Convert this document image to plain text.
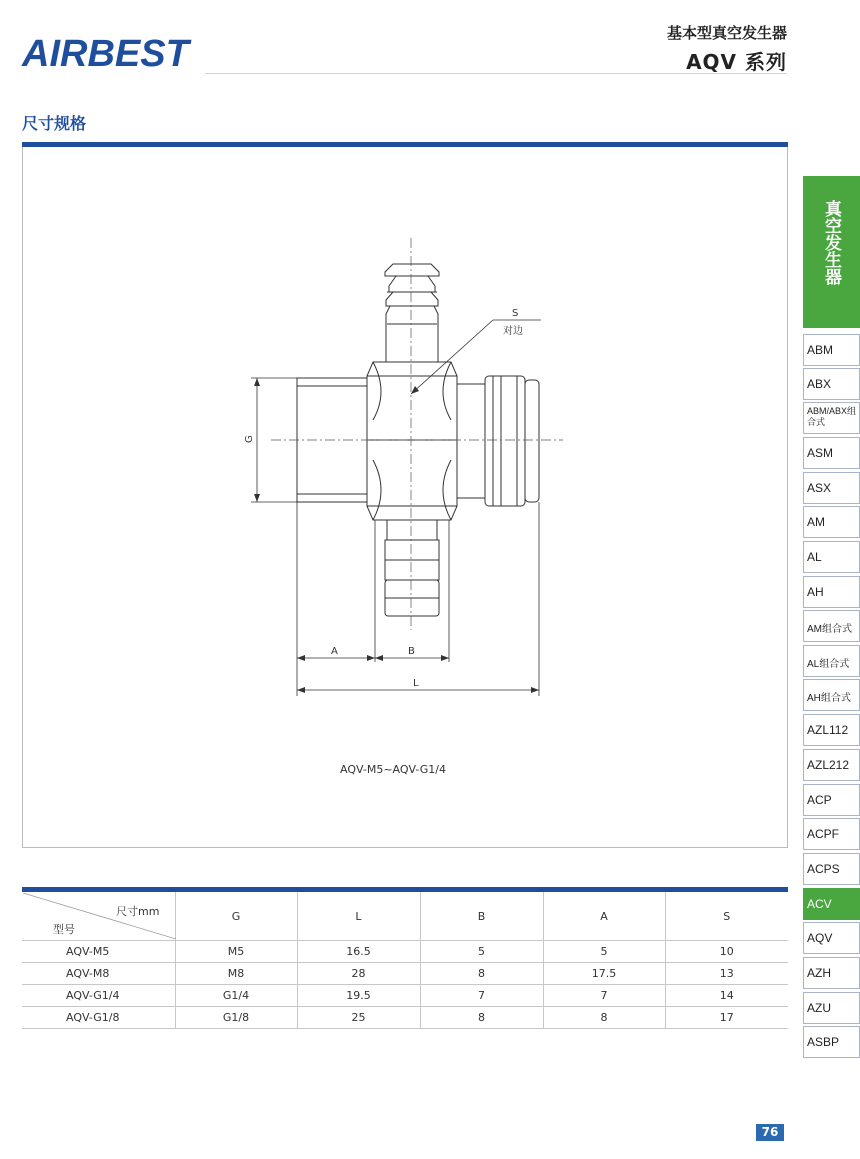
AIRBEST	基本型真空发生器
AQV 系列
尺寸规格
S
对边
G
A	B
L
AQV-M5~AQV-G1/4
尺寸mm
型号	G	L	B	A	S
AQV-M5	M5	16.5	5	5	10
AQV-M8	M8	28	8	17.5	13
AQV-G1/4	G1/4	19.5	7	7	14
AQV-G1/8	G1/8	25	8	8	17
真空发生器
ABM
ABX
ABM/ABX组合式
ASM
ASX
AM
AL
AH
AM组合式
AL组合式
AH组合式
AZL112
AZL212
ACP
ACPF
ACPS
ACV
AQV
AZH
AZU
ASBP
76
